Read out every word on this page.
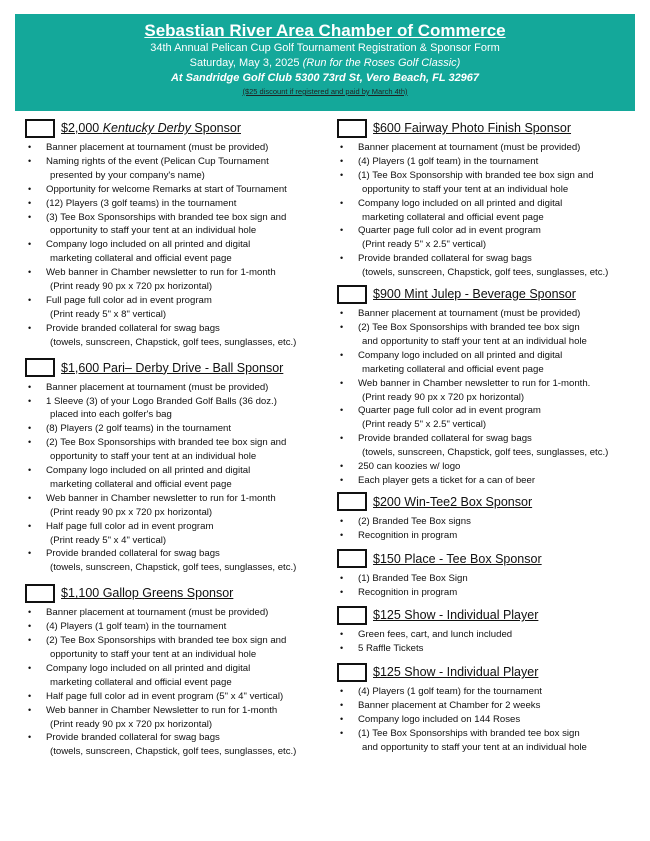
Sebastian River Area Chamber of Commerce
34th Annual Pelican Cup Golf Tournament Registration & Sponsor Form
Saturday, May 3, 2025 (Run for the Roses Golf Classic)
At Sandridge Golf Club 5300 73rd St, Vero Beach, FL 32967
($25 discount if registered and paid by March 4th)
$2,000 Kentucky Derby Sponsor
• Banner placement at tournament (must be provided)
• Naming rights of the event (Pelican Cup Tournament
presented by your company's name)
• Opportunity for welcome Remarks at start of Tournament
• (12) Players (3 golf teams) in the tournament
• (3) Tee Box Sponsorships with branded tee box sign and
opportunity to staff your tent at an individual hole
• Company logo included on all printed and digital
marketing collateral and official event page
• Web banner in Chamber newsletter to run for 1-month
(Print ready 90 px x 720 px horizontal)
• Full page full color ad in event program
(Print ready 5" x 8" vertical)
• Provide branded collateral for swag bags
(towels, sunscreen, Chapstick, golf tees, sunglasses, etc.)
$1,600 Pari– Derby Drive - Ball Sponsor
• Banner placement at tournament (must be provided)
• 1 Sleeve (3) of your Logo Branded Golf Balls (36 doz.)
placed into each golfer's bag
• (8) Players (2 golf teams) in the tournament
• (2) Tee Box Sponsorships with branded tee box sign and
opportunity to staff your tent at an individual hole
• Company logo included on all printed and digital
marketing collateral and official event page
• Web banner in Chamber newsletter to run for 1-month
(Print ready 90 px x 720 px horizontal)
• Half page full color ad in event program
(Print ready 5" x 4" vertical)
• Provide branded collateral for swag bags
(towels, sunscreen, Chapstick, golf tees, sunglasses, etc.)
$1,100 Gallop Greens Sponsor
• Banner placement at tournament (must be provided)
• (4) Players (1 golf team) in the tournament
• (2) Tee Box Sponsorships with branded tee box sign and
opportunity to staff your tent at an individual hole
• Company logo included on all printed and digital
marketing collateral and official event page
• Half page full color ad in event program (5" x 4" vertical)
• Web banner in Chamber Newsletter to run for 1-month
(Print ready 90 px x 720 px horizontal)
• Provide branded collateral for swag bags
(towels, sunscreen, Chapstick, golf tees, sunglasses, etc.)
$600 Fairway Photo Finish Sponsor
• Banner placement at tournament (must be provided)
• (4) Players (1 golf team) in the tournament
• (1) Tee Box Sponsorship with branded tee box sign and
opportunity to staff your tent at an individual hole
• Company logo included on all printed and digital
marketing collateral and official event page
• Quarter page full color ad in event program
(Print ready 5" x 2.5" vertical)
• Provide branded collateral for swag bags
(towels, sunscreen, Chapstick, golf tees, sunglasses, etc.)
$900 Mint Julep - Beverage Sponsor
• Banner placement at tournament (must be provided)
• (2) Tee Box Sponsorships with branded tee box sign
and opportunity to staff your tent at an individual hole
• Company logo included on all printed and digital
marketing collateral and official event page
• Web banner in Chamber newsletter to run for 1-month.
(Print ready 90 px x 720 px horizontal)
• Quarter page full color ad in event program
(Print ready 5" x 2.5" vertical)
• Provide branded collateral for swag bags
(towels, sunscreen, Chapstick, golf tees, sunglasses, etc.)
• 250 can koozies w/ logo
• Each player gets a ticket for a can of beer
$200 Win-Tee2 Box Sponsor
• (2) Branded Tee Box signs
• Recognition in program
$150 Place - Tee Box Sponsor
• (1) Branded Tee Box Sign
• Recognition in program
$125 Show - Individual Player
• Green fees, cart, and lunch included
• 5 Raffle Tickets
$125 Show - Individual Player
• (4) Players (1 golf team) for the tournament
• Banner placement at Chamber for 2 weeks
• Company logo included on 144 Roses
• (1) Tee Box Sponsorships with branded tee box sign
and opportunity to staff your tent at an individual hole
